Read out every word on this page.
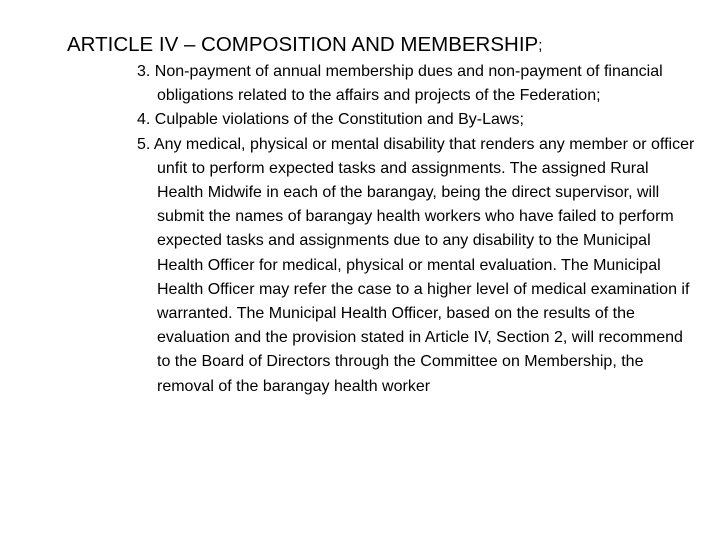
ARTICLE IV – COMPOSITION AND MEMBERSHIP;
3. Non-payment of annual membership dues and non-payment of financial obligations related to the affairs and projects of the Federation;
4. Culpable violations of the Constitution and By-Laws;
5. Any medical, physical or mental disability that renders any member or officer unfit to perform expected tasks and assignments. The assigned Rural Health Midwife in each of the barangay, being the direct supervisor, will submit the names of barangay health workers who have failed to perform expected tasks and assignments due to any disability to the Municipal Health Officer for medical, physical or mental evaluation. The Municipal Health Officer may refer the case to a higher level of medical examination if warranted. The Municipal Health Officer, based on the results of the evaluation and the provision stated in Article IV, Section 2, will recommend to the Board of Directors through the Committee on Membership, the removal of the barangay health worker
